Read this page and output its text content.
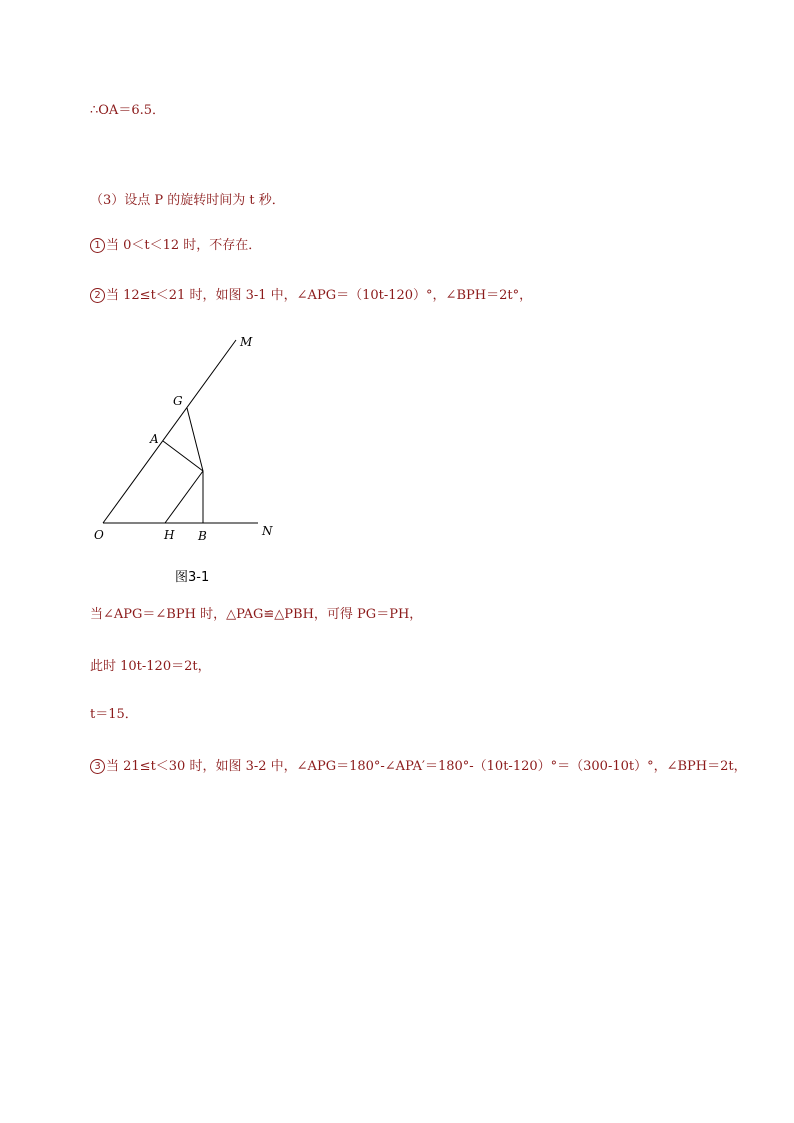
∴OA＝6.5．
（3）设点 P 的旋转时间为 t 秒．
1 当 0＜t＜12 时，不存在．
2 当 12≤t＜21 时，如图 3-1 中，∠APG＝（10t-120）°，∠BPH＝2t°，
M
G
A
O	H B	N
图3-1
当∠APG＝∠BPH 时，△PAG≌△PBH，可得 PG＝PH，
此时 10t-120＝2t，
t＝15．
3 当 21≤t＜30 时，如图 3-2 中，∠APG＝180°-∠APA′＝180°-（10t-120）°＝（300-10t）°，∠BPH＝2t，
